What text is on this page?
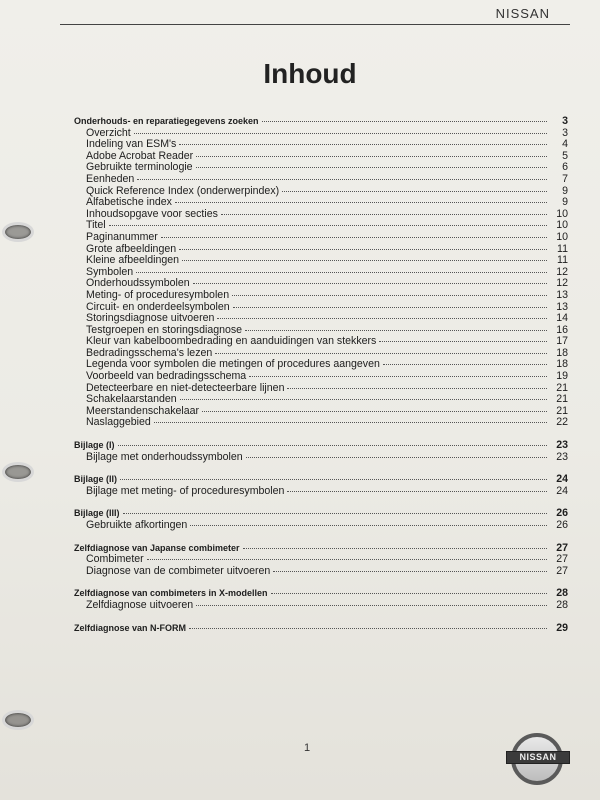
NISSAN
Inhoud
Onderhouds- en reparatiegegevens zoeken	3
Overzicht	3
Indeling van ESM's	4
Adobe Acrobat Reader	5
Gebruikte terminologie	6
Eenheden	7
Quick Reference Index (onderwerpindex)	9
Alfabetische index	9
Inhoudsopgave voor secties	10
Titel	10
Paginanummer	10
Grote afbeeldingen	11
Kleine afbeeldingen	11
Symbolen	12
Onderhoudssymbolen	12
Meting- of proceduresymbolen	13
Circuit- en onderdeelsymbolen	13
Storingsdiagnose uitvoeren	14
Testgroepen en storingsdiagnose	16
Kleur van kabelboombedrading en aanduidingen van stekkers	17
Bedradingsschema's lezen	18
Legenda voor symbolen die metingen of procedures aangeven	18
Voorbeeld van bedradingsschema	19
Detecteerbare en niet-detecteerbare lijnen	21
Schakelaarstanden	21
Meerstandenschakelaar	21
Naslaggebied	22
Bijlage (I)	23
Bijlage met onderhoudssymbolen	23
Bijlage (II)	24
Bijlage met meting- of proceduresymbolen	24
Bijlage (III)	26
Gebruikte afkortingen	26
Zelfdiagnose van Japanse combimeter	27
Combimeter	27
Diagnose van de combimeter uitvoeren	27
Zelfdiagnose van combimeters in X-modellen	28
Zelfdiagnose uitvoeren	28
Zelfdiagnose van N-FORM	29
1
NISSAN
